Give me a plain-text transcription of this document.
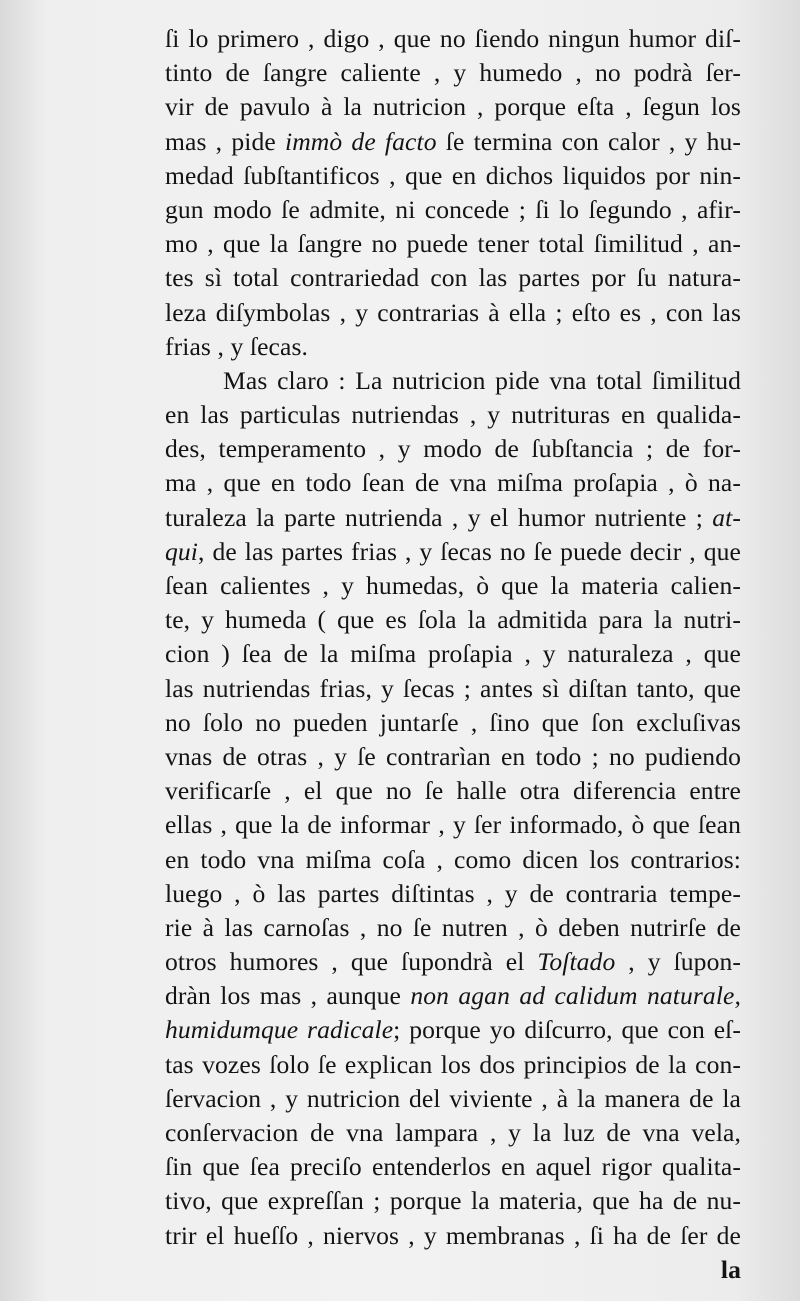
ſi lo primero , digo , que no ſiendo ningun humor diſ-
tinto de ſangre caliente , y humedo , no podrà ſer-
vir de pavulo à la nutricion , porque eſta , ſegun los
mas , pide immò de facto ſe termina con calor , y hu-
medad ſubſtantificos , que en dichos liquidos por nin-
gun modo ſe admite, ni concede ; ſi lo ſegundo , afir-
mo , que la ſangre no puede tener total ſimilitud , an-
tes sì total contrariedad con las partes por ſu natura-
leza diſymbolas , y contrarias à ella ; eſto es , con las
frias , y ſecas.
Mas claro : La nutricion pide vna total ſimilitud
en las particulas nutriendas , y nutrituras en qualida-
des, temperamento , y modo de ſubſtancia ; de for-
ma , que en todo ſean de vna miſma proſapia , ò na-
turaleza la parte nutrienda , y el humor nutriente ; at-
qui, de las partes frias , y ſecas no ſe puede decir , que
ſean calientes , y humedas, ò que la materia calien-
te, y humeda ( que es ſola la admitida para la nutri-
cion ) ſea de la miſma proſapia , y naturaleza , que
las nutriendas frias, y ſecas ; antes sì diſtan tanto, que
no ſolo no pueden juntarſe , ſino que ſon excluſivas
vnas de otras , y ſe contrarìan en todo ; no pudiendo
verificarſe , el que no ſe halle otra diferencia entre
ellas , que la de informar , y ſer informado, ò que ſean
en todo vna miſma coſa , como dicen los contrarios:
luego , ò las partes diſtintas , y de contraria tempe-
rie à las carnoſas , no ſe nutren , ò deben nutrirſe de
otros humores , que ſupondrà el Toſtado , y ſupon-
dràn los mas , aunque non agan ad calidum naturale,
humidumque radicale; porque yo diſcurro, que con eſ-
tas vozes ſolo ſe explican los dos principios de la con-
ſervacion , y nutricion del viviente , à la manera de la
conſervacion de vna lampara , y la luz de vna vela,
ſin que ſea preciſo entenderlos en aquel rigor qualita-
tivo, que expreſſan ; porque la materia, que ha de nu-
trir el hueſſo , niervos , y membranas , ſi ha de ſer de
la
